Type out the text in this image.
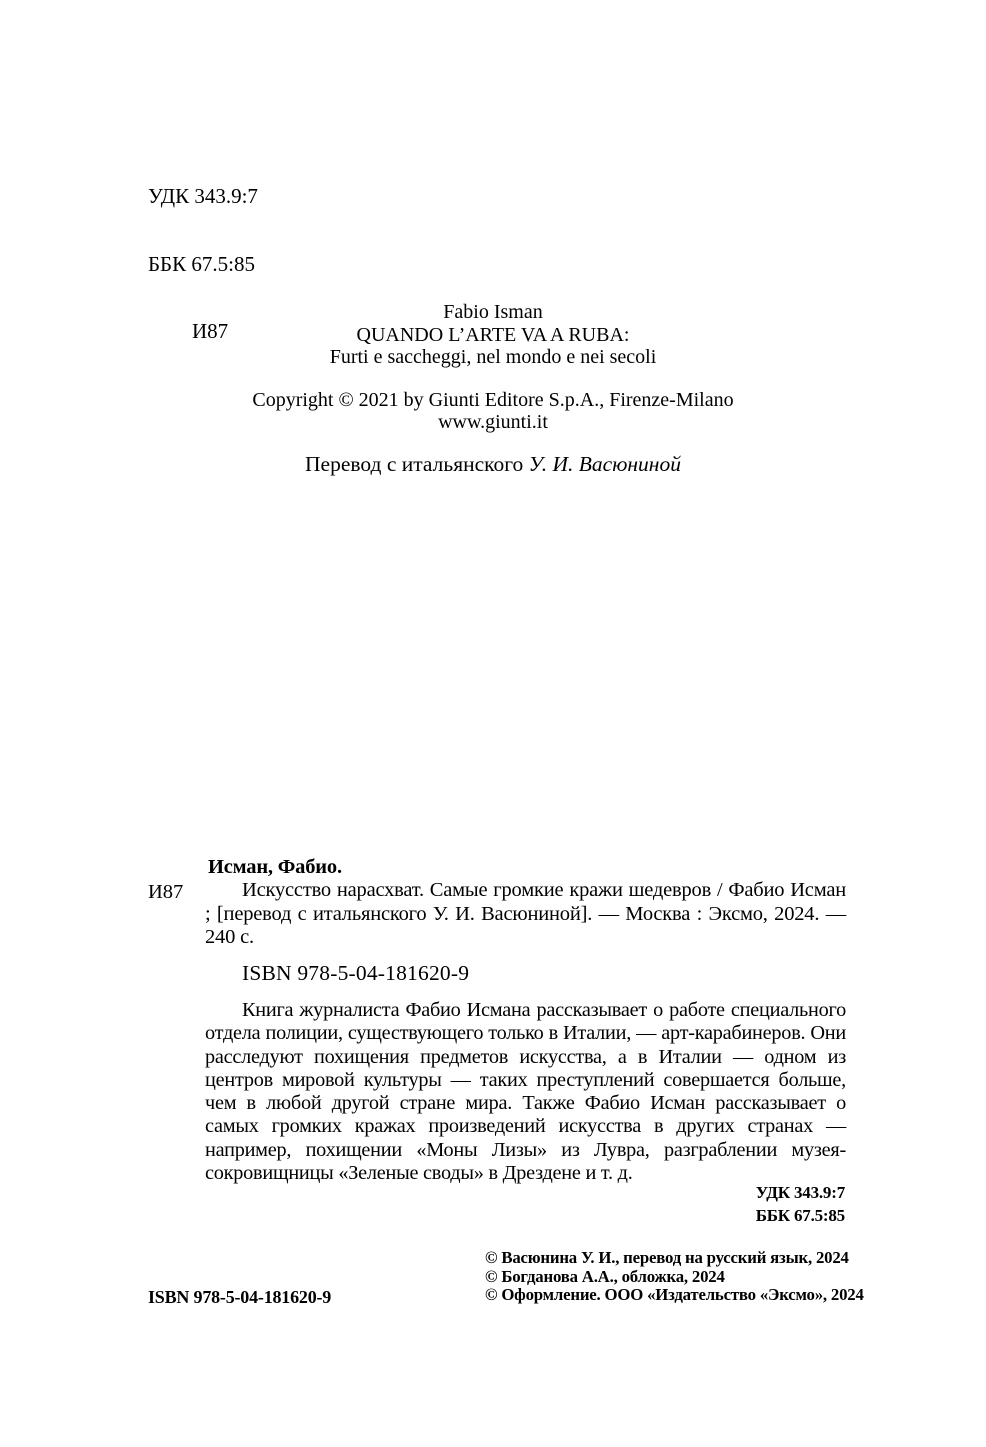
УДК 343.9:7

ББК 67.5:85

И87

Fabio Isman
QUANDO L’ARTE VA A RUBA:
Furti e saccheggi, nel mondo e nei secoli
Copyright © 2021 by Giunti Editore S.p.A., Firenze-Milano
www.giunti.it
Перевод с итальянского У. И. Васюниной
И87
Исман, Фабио.
Искусство нарасхват. Самые громкие кражи шедевров / Фабио Исман ; [перевод с итальянского У. И. Васюниной]. — Москва : Эксмо, 2024. — 240 с.
ISBN 978-5-04-181620-9
Книга журналиста Фабио Исмана рассказывает о работе специального отдела полиции, существующего только в Италии, — арт-карабинеров. Они расследуют похищения предметов искусства, а в Италии — одном из центров мировой культуры — таких преступлений совершается больше, чем в любой другой стране мира. Также Фабио Исман рассказывает о самых громких кражах произведений искусства в других странах — например, похищении «Моны Лизы» из Лувра, разграблении музея-сокровищницы «Зеленые своды» в Дрездене и т. д.
УДК 343.9:7
ББК 67.5:85
© Васюнина У. И., перевод на русский язык, 2024
© Богданова А.А., обложка, 2024
© Оформление. ООО «Издательство «Эксмо», 2024
ISBN 978-5-04-181620-9
